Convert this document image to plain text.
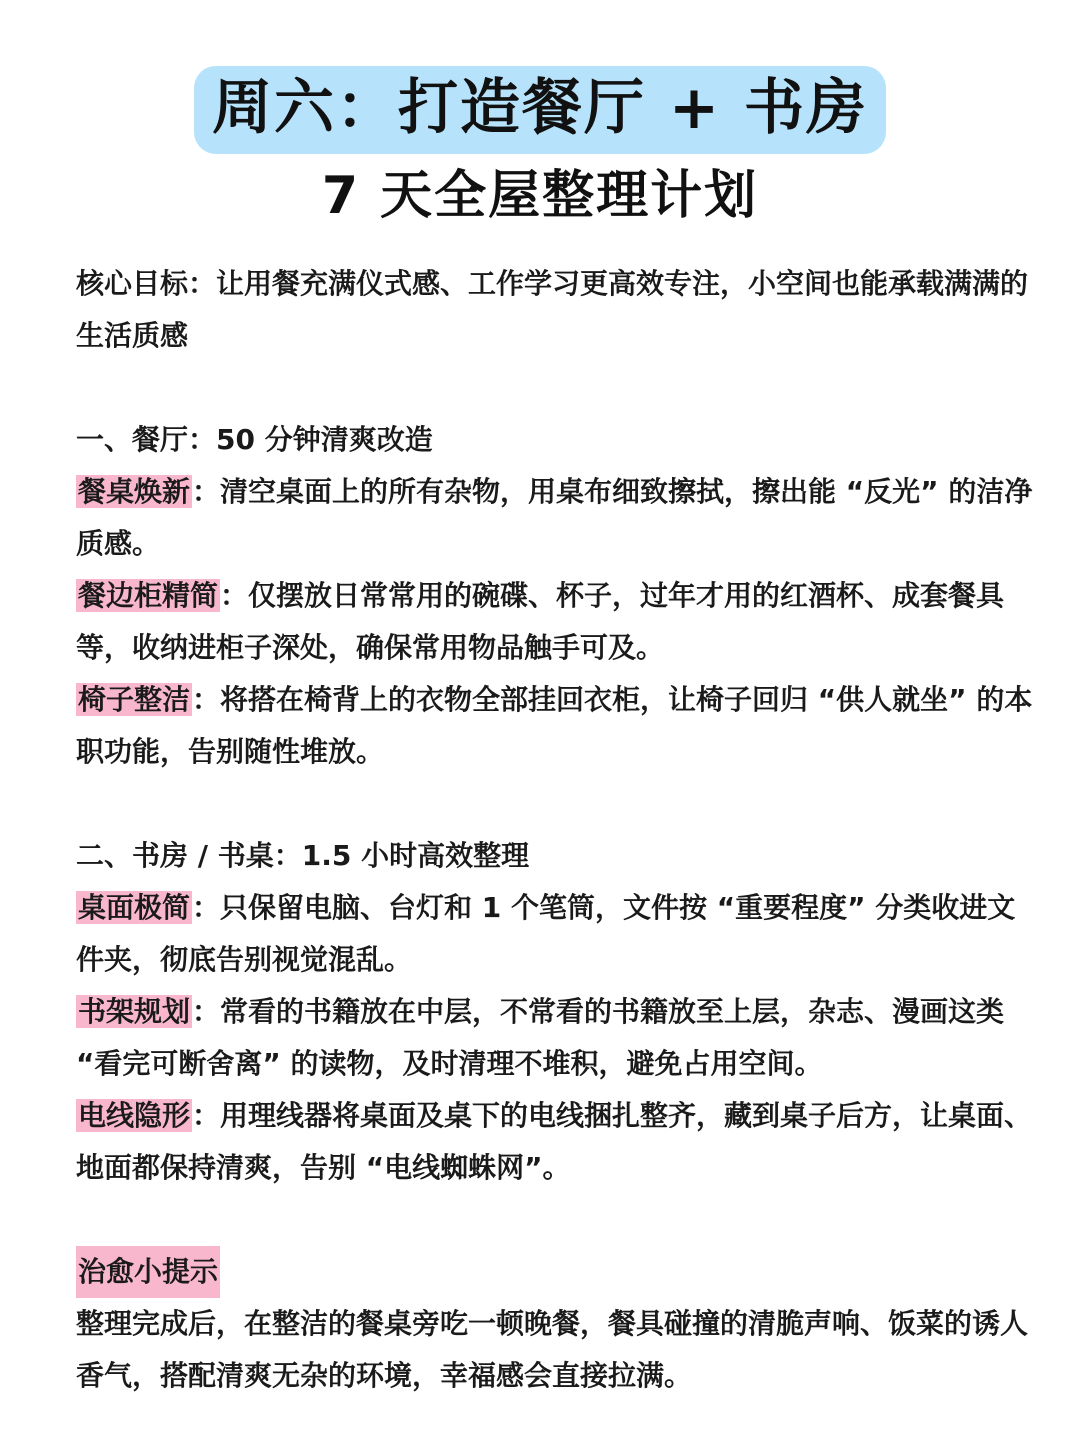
周六：打造餐厅 + 书房
7 天全屋整理计划

核心目标：让用餐充满仪式感、工作学习更高效专注，小空间也能承载满满的生活质感

一、餐厅：50 分钟清爽改造

餐桌焕新：清空桌面上的所有杂物，用桌布细致擦拭，擦出能 “反光” 的洁净质感。

餐边柜精简：仅摆放日常常用的碗碟、杯子，过年才用的红酒杯、成套餐具等，收纳进柜子深处，确保常用物品触手可及。

椅子整洁：将搭在椅背上的衣物全部挂回衣柜，让椅子回归 “供人就坐” 的本职功能，告别随性堆放。

二、书房 / 书桌：1.5 小时高效整理

桌面极简：只保留电脑、台灯和 1 个笔筒，文件按 “重要程度” 分类收进文件夹，彻底告别视觉混乱。

书架规划：常看的书籍放在中层，不常看的书籍放至上层，杂志、漫画这类 “看完可断舍离” 的读物，及时清理不堆积，避免占用空间。

电线隐形：用理线器将桌面及桌下的电线捆扎整齐，藏到桌子后方，让桌面、地面都保持清爽，告别 “电线蜘蛛网”。

治愈小提示

整理完成后，在整洁的餐桌旁吃一顿晚餐，餐具碰撞的清脆声响、饭菜的诱人香气，搭配清爽无杂的环境，幸福感会直接拉满。
